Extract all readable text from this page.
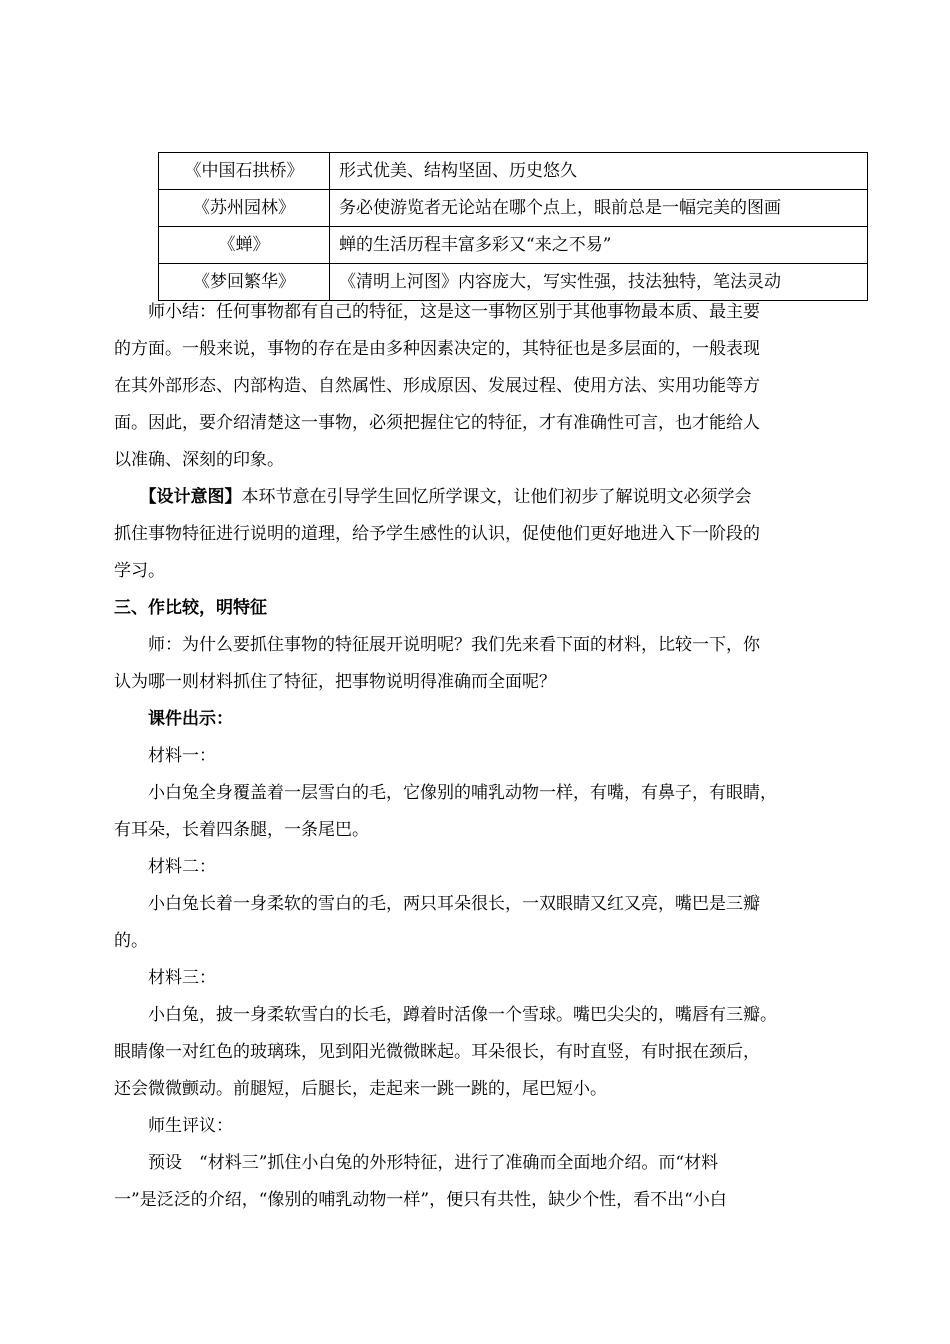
《中国石拱桥》	形式优美、结构坚固、历史悠久
《苏州园林》	务必使游览者无论站在哪个点上，眼前总是一幅完美的图画
《蝉》	蝉的生活历程丰富多彩又“来之不易”
《梦回繁华》	《清明上河图》内容庞大，写实性强，技法独特，笔法灵动

　　师小结：任何事物都有自己的特征，这是这一事物区别于其他事物最本质、最主要

的方面。一般来说，事物的存在是由多种因素决定的，其特征也是多层面的，一般表现

在其外部形态、内部构造、自然属性、形成原因、发展过程、使用方法、实用功能等方

面。因此，要介绍清楚这一事物，必须把握住它的特征，才有准确性可言，也才能给人

以准确、深刻的印象。

　　【设计意图】本环节意在引导学生回忆所学课文，让他们初步了解说明文必须学会

抓住事物特征进行说明的道理，给予学生感性的认识，促使他们更好地进入下一阶段的

学习。

三、作比较，明特征

　　师：为什么要抓住事物的特征展开说明呢？我们先来看下面的材料，比较一下，你

认为哪一则材料抓住了特征，把事物说明得准确而全面呢？

　　课件出示：

　　材料一：

　　小白兔全身覆盖着一层雪白的毛，它像别的哺乳动物一样，有嘴，有鼻子，有眼睛，

有耳朵，长着四条腿，一条尾巴。

　　材料二：

　　小白兔长着一身柔软的雪白的毛，两只耳朵很长，一双眼睛又红又亮，嘴巴是三瓣

的。

　　材料三：

　　小白兔，披一身柔软雪白的长毛，蹲着时活像一个雪球。嘴巴尖尖的，嘴唇有三瓣。

眼睛像一对红色的玻璃珠，见到阳光微微眯起。耳朵很长，有时直竖，有时抿在颈后，

还会微微颤动。前腿短，后腿长，走起来一跳一跳的，尾巴短小。

　　师生评议：

　　预设　“材料三”抓住小白兔的外形特征，进行了准确而全面地介绍。而“材料

一”是泛泛的介绍，“像别的哺乳动物一样”，便只有共性，缺少个性，看不出“小白
